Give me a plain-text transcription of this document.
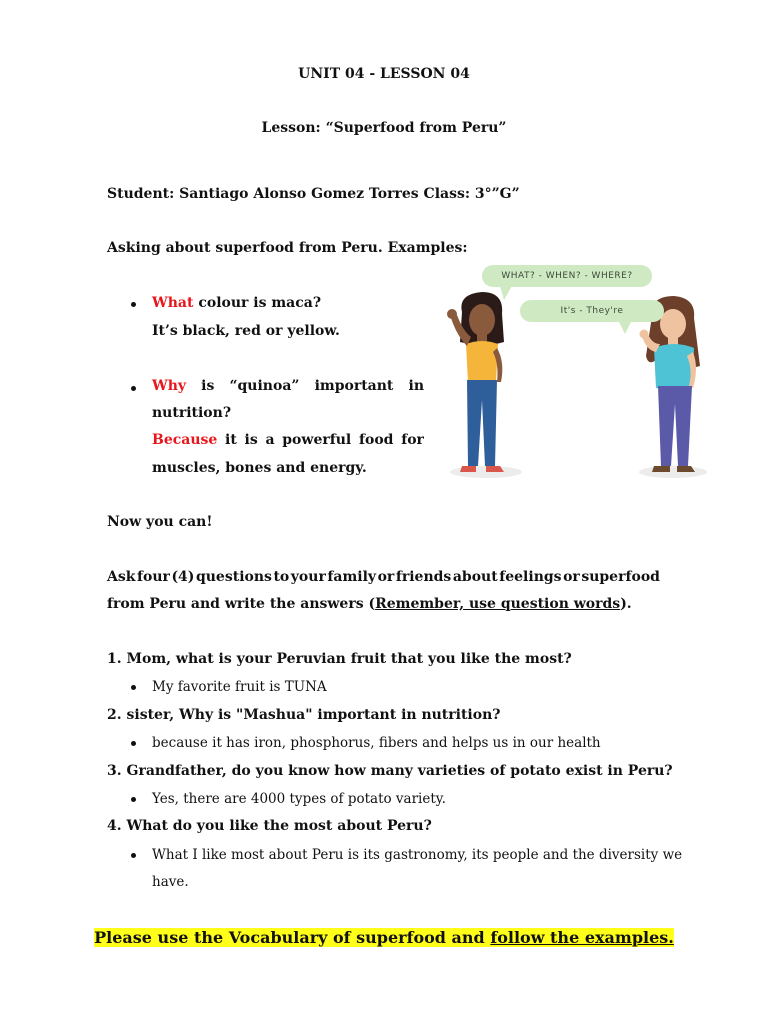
UNIT 04 - LESSON 04
Lesson: “Superfood from Peru”
Student: Santiago Alonso Gomez Torres Class: 3°”G”
Asking about superfood from Peru. Examples:
What colour is maca?
It’s black, red or yellow.
Why is “quinoa” important in
nutrition?
Because it is a powerful food for
muscles, bones and energy.
WHAT? - WHEN? - WHERE?
It's - They're
Now you can!
Ask four (4) questions to your family or friends about feelings or superfood
from Peru and write the answers (Remember, use question words).
1. Mom, what is your Peruvian fruit that you like the most?
My favorite fruit is TUNA
2. sister, Why is "Mashua" important in nutrition?
because it has iron, phosphorus, fibers and helps us in our health
3. Grandfather, do you know how many varieties of potato exist in Peru?
Yes, there are 4000 types of potato variety.
4. What do you like the most about Peru?
What I like most about Peru is its gastronomy, its people and the diversity we
have.
Please use the Vocabulary of superfood and follow the examples.
